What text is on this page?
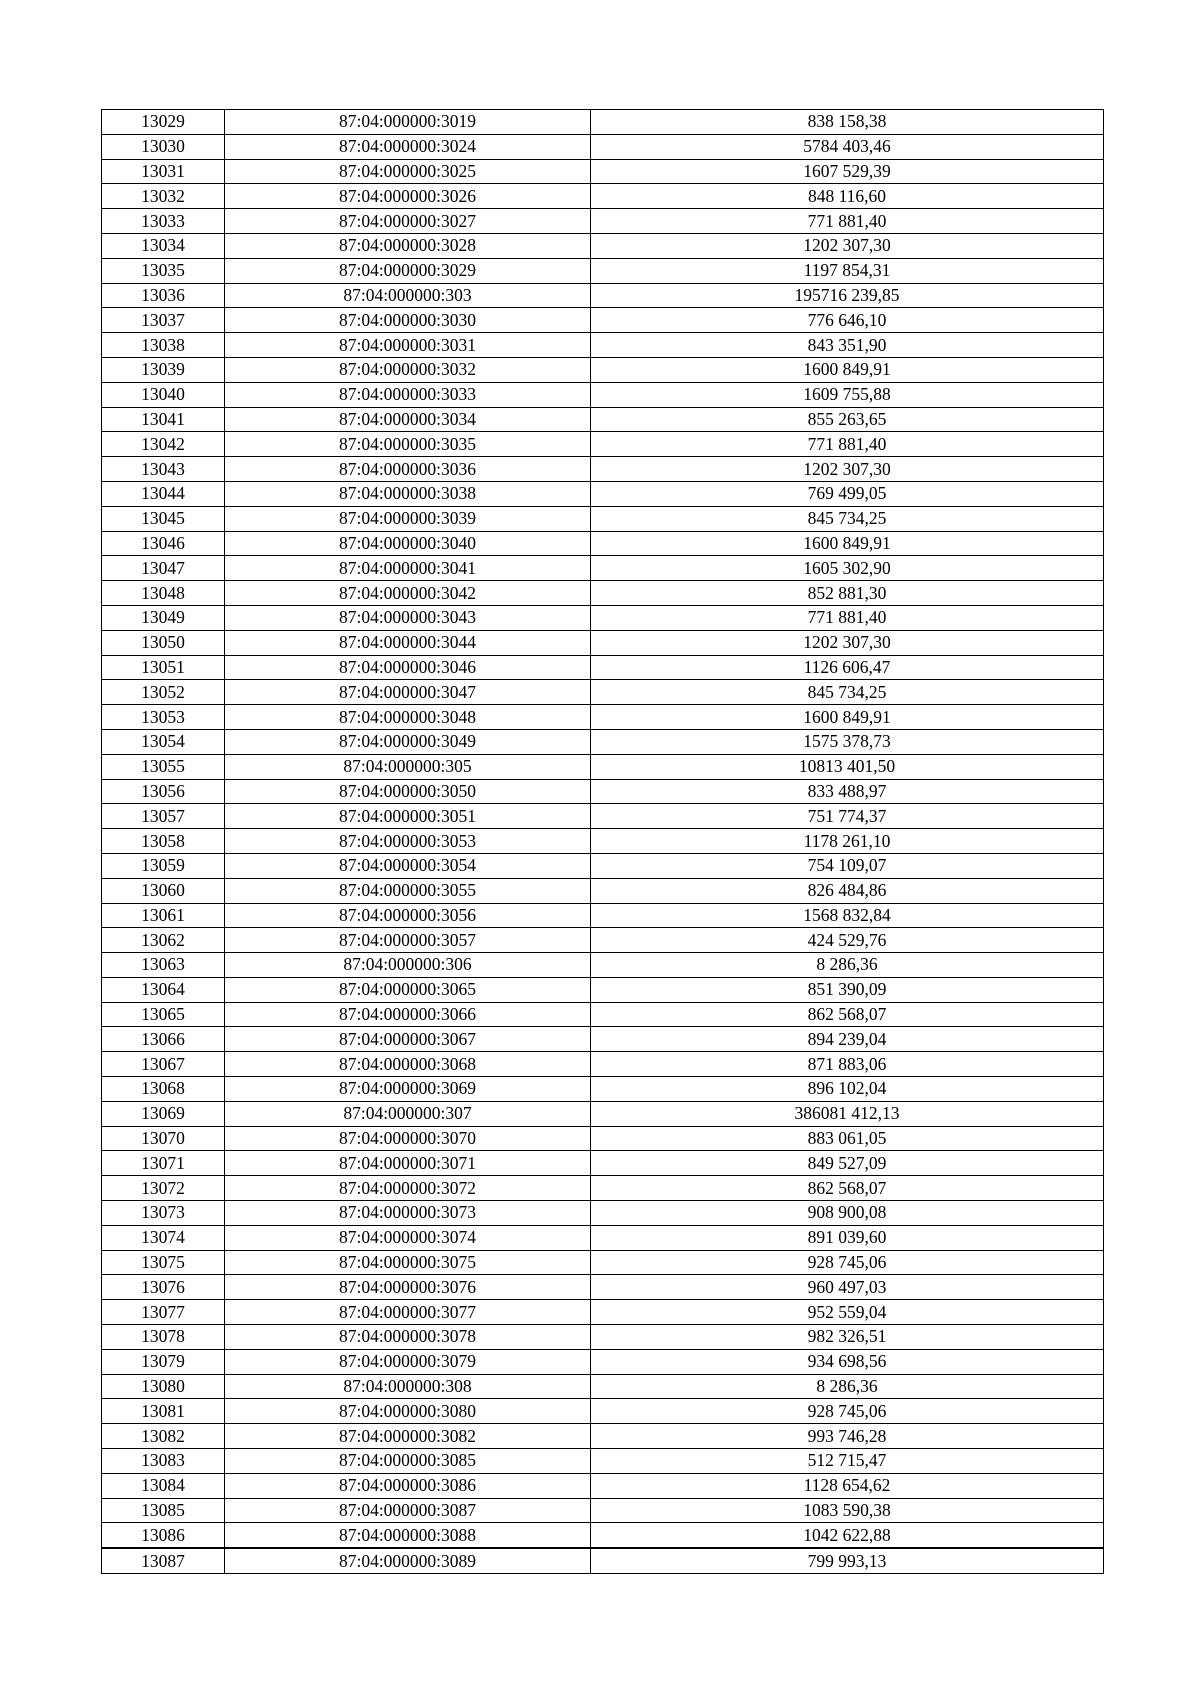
13029	87:04:000000:3019	838 158,38
13030	87:04:000000:3024	5784 403,46
13031	87:04:000000:3025	1607 529,39
13032	87:04:000000:3026	848 116,60
13033	87:04:000000:3027	771 881,40
13034	87:04:000000:3028	1202 307,30
13035	87:04:000000:3029	1197 854,31
13036	87:04:000000:303	195716 239,85
13037	87:04:000000:3030	776 646,10
13038	87:04:000000:3031	843 351,90
13039	87:04:000000:3032	1600 849,91
13040	87:04:000000:3033	1609 755,88
13041	87:04:000000:3034	855 263,65
13042	87:04:000000:3035	771 881,40
13043	87:04:000000:3036	1202 307,30
13044	87:04:000000:3038	769 499,05
13045	87:04:000000:3039	845 734,25
13046	87:04:000000:3040	1600 849,91
13047	87:04:000000:3041	1605 302,90
13048	87:04:000000:3042	852 881,30
13049	87:04:000000:3043	771 881,40
13050	87:04:000000:3044	1202 307,30
13051	87:04:000000:3046	1126 606,47
13052	87:04:000000:3047	845 734,25
13053	87:04:000000:3048	1600 849,91
13054	87:04:000000:3049	1575 378,73
13055	87:04:000000:305	10813 401,50
13056	87:04:000000:3050	833 488,97
13057	87:04:000000:3051	751 774,37
13058	87:04:000000:3053	1178 261,10
13059	87:04:000000:3054	754 109,07
13060	87:04:000000:3055	826 484,86
13061	87:04:000000:3056	1568 832,84
13062	87:04:000000:3057	424 529,76
13063	87:04:000000:306	8 286,36
13064	87:04:000000:3065	851 390,09
13065	87:04:000000:3066	862 568,07
13066	87:04:000000:3067	894 239,04
13067	87:04:000000:3068	871 883,06
13068	87:04:000000:3069	896 102,04
13069	87:04:000000:307	386081 412,13
13070	87:04:000000:3070	883 061,05
13071	87:04:000000:3071	849 527,09
13072	87:04:000000:3072	862 568,07
13073	87:04:000000:3073	908 900,08
13074	87:04:000000:3074	891 039,60
13075	87:04:000000:3075	928 745,06
13076	87:04:000000:3076	960 497,03
13077	87:04:000000:3077	952 559,04
13078	87:04:000000:3078	982 326,51
13079	87:04:000000:3079	934 698,56
13080	87:04:000000:308	8 286,36
13081	87:04:000000:3080	928 745,06
13082	87:04:000000:3082	993 746,28
13083	87:04:000000:3085	512 715,47
13084	87:04:000000:3086	1128 654,62
13085	87:04:000000:3087	1083 590,38
13086	87:04:000000:3088	1042 622,88
13087	87:04:000000:3089	799 993,13
